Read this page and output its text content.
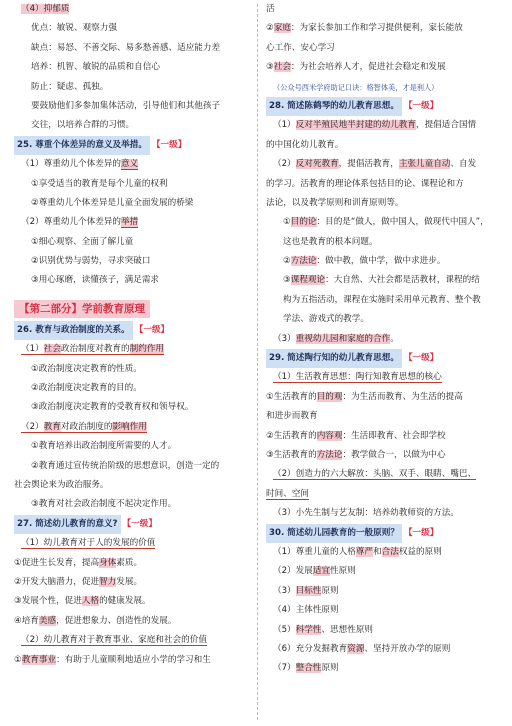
（4）抑郁质
优点：敏锐、观察力强
缺点：易怒、不善交际、易多愁善感、适应能力差
培养：机智、敏锐的品质和自信心
防止：疑虑、孤独。
要鼓励他们多参加集体活动，引导他们和其他孩子
交往，以培养合群的习惯。
25. 尊重个体差异的意义及举措。 【一级】
（1）尊重幼儿个体差异的意义
①享受适当的教育是每个儿童的权利
②尊重幼儿个体差异是儿童全面发展的桥梁
（2）尊重幼儿个体差异的举措
①细心观察、全面了解儿童
②识别优势与弱势，寻求突破口
③用心琢磨，读懂孩子，满足需求
【第二部分】学前教育原理
26. 教育与政治制度的关系。 【一级】
（1）社会政治制度对教育的制约作用
①政治制度决定教育的性质。
②政治制度决定教育的目的。
③政治制度决定教育的受教育权和领导权。
（2）教育对政治制度的影响作用
①教育培养出政治制度所需要的人才。
②教育通过宣传统治阶级的思想意识，创造一定的
社会舆论来为政治服务。
③教育对社会政治制度不起决定作用。
27. 简述幼儿教育的意义? 【一级】
（1）幼儿教育对于人的发展的价值
①促进生长发育，提高身体素质。
②开发大脑潜力，促进智力发展。
③发展个性，促进人格的健康发展。
④培育美感，促进想象力、创造性的发展。
（2）幼儿教育对于教育事业、家庭和社会的价值
①教育事业：有助于儿童顺利地适应小学的学习和生
活
②家庭：为家长参加工作和学习提供便利，家长能放
心工作、安心学习
③社会：为社会培养人才，促进社会稳定和发展
（公众号西米学府助记口诀：格智体美，才是利人）
28. 简述陈鹤琴的幼儿教育思想。 【一级】
（1）反对半殖民地半封建的幼儿教育，提倡适合国情
的中国化幼儿教育。
（2）反对死教育，提倡活教育，主张儿童自动、自发
的学习。活教育的理论体系包括目的论、课程论和方
法论，以及教学原则和训育原则等。
①目的论：目的是“做人，做中国人，做现代中国人”，
这也是教育的根本问题。
②方法论：做中教，做中学，做中求进步。
③课程观论：大自然、大社会都是活教材，课程的结
构为五指活动，课程在实施时采用单元教育、整个教
学法、游戏式的教学。
（3）重视幼儿园和家庭的合作。
29. 简述陶行知的幼儿教育思想。 【一级】
（1）生活教育思想：陶行知教育思想的核心
①生活教育的目的观：为生活而教育、为生活的提高
和进步而教育
②生活教育的内容观：生活即教育、社会即学校
③生活教育的方法论：教学做合一，以做为中心
（2）创造力的六大解放：头脑、双手、眼睛、嘴巴、
时间、空间
（3）小先生制与艺友制：培养幼教师资的方法。
30. 简述幼儿园教育的一般原则？ 【一级】
（1）尊重儿童的人格尊严和合法权益的原则
（2）发展适宜性原则
（3）目标性原则
（4）主体性原则
（5）科学性、思想性原则
（6）充分发掘教育资源、坚持开放办学的原则
（7）整合性原则
